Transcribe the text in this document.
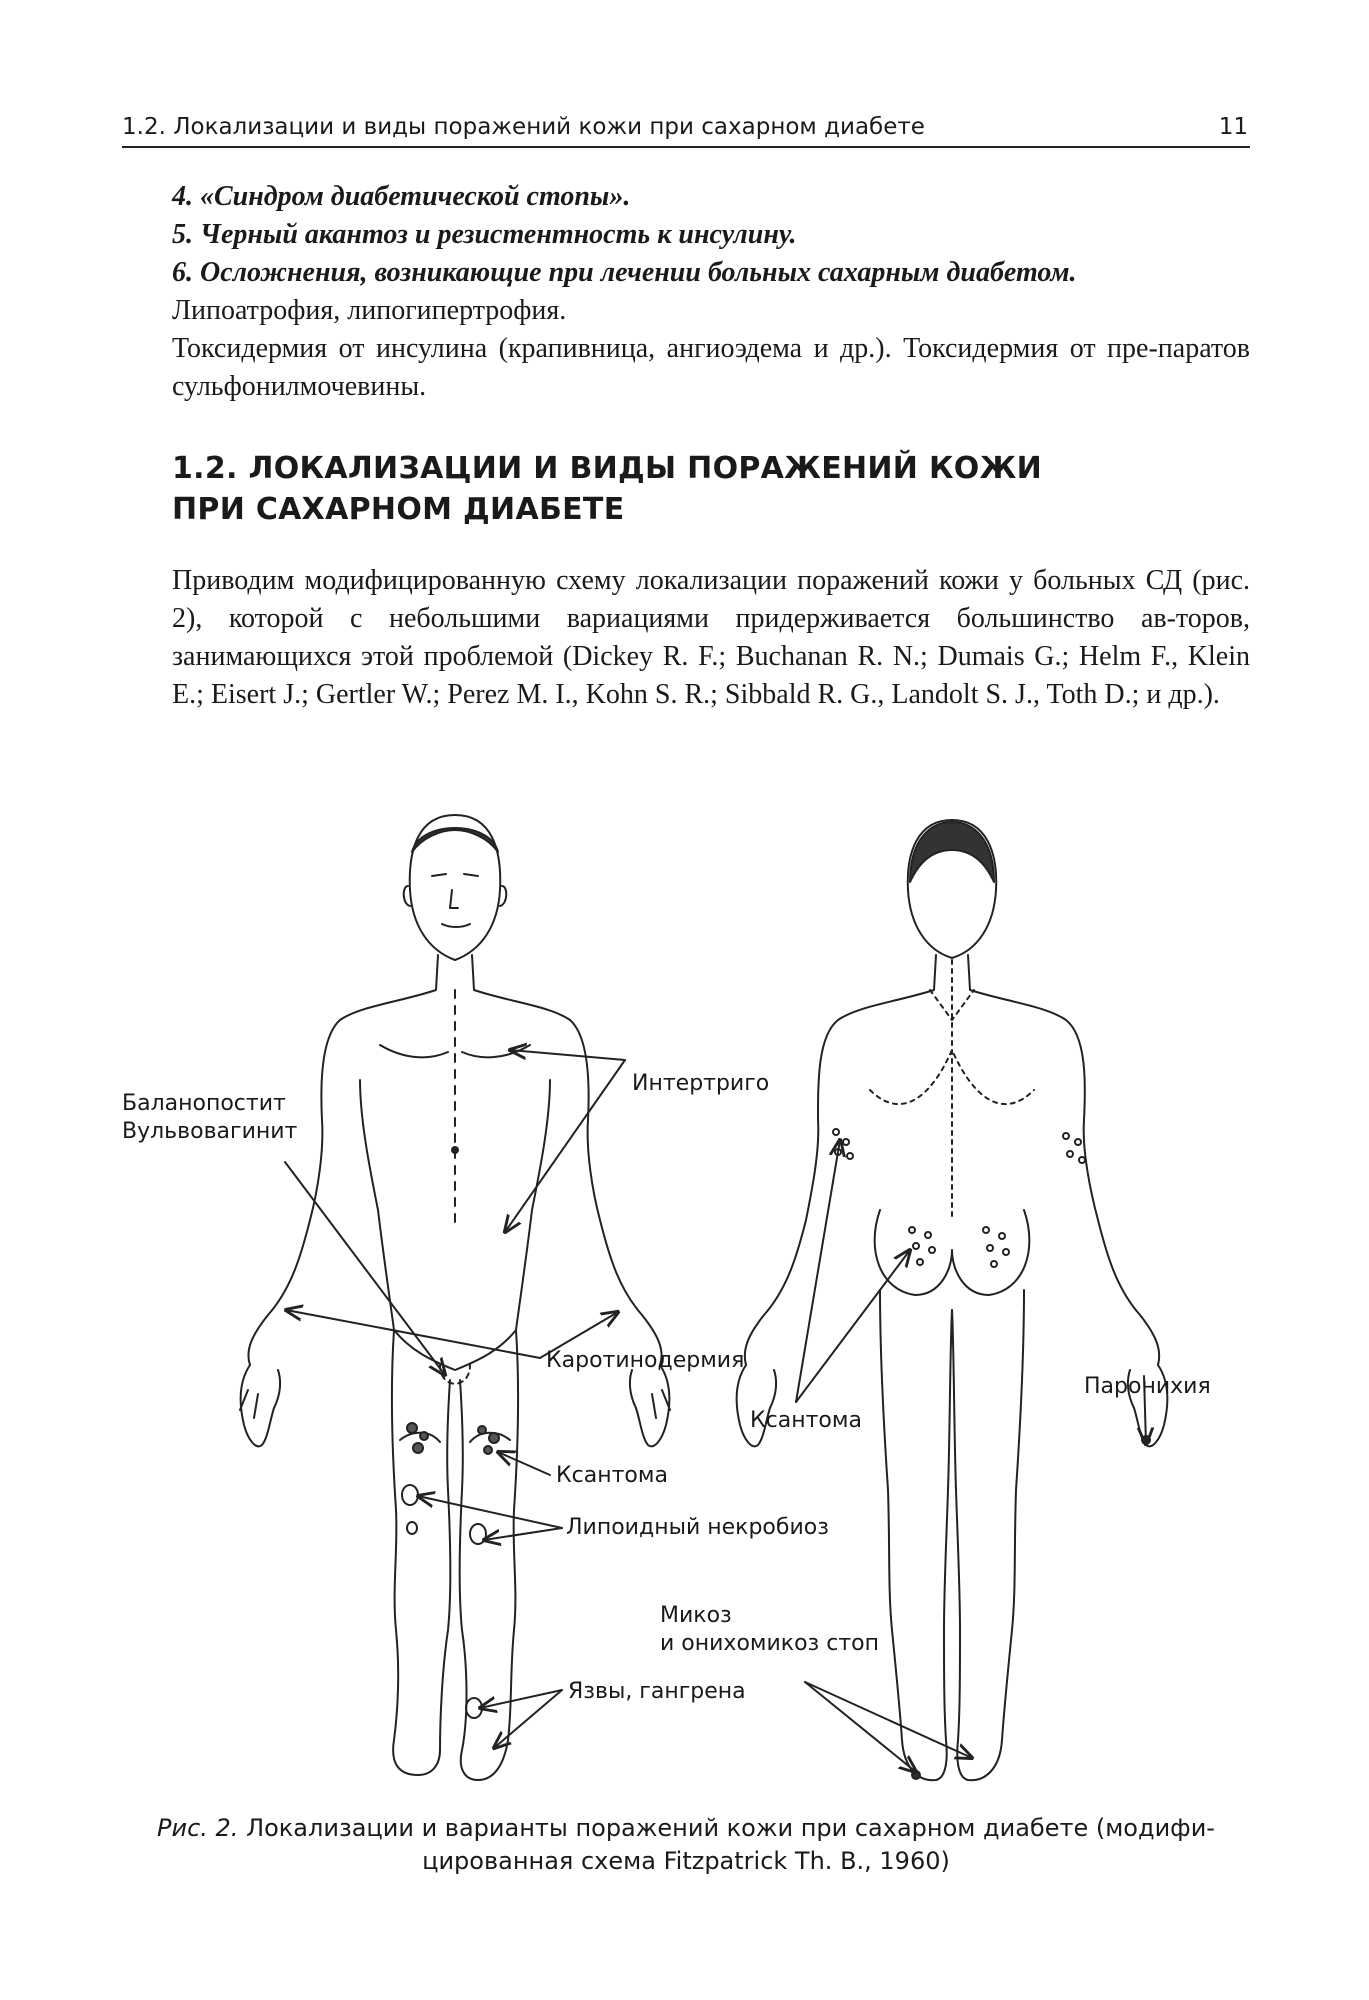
1.2. Локализации и виды поражений кожи при сахарном диабете	11

4. «Синдром диабетической стопы».

5. Черный акантоз и резистентность к инсулину.

6. Осложнения, возникающие при лечении больных сахарным диабетом.

Липоатрофия, липогипертрофия.

Токсидермия от инсулина (крапивница, ангиоэдема и др.). Токсидермия от пре-паратов сульфонилмочевины.

1.2. ЛОКАЛИЗАЦИИ И ВИДЫ ПОРАЖЕНИЙ КОЖИ
ПРИ САХАРНОМ ДИАБЕТЕ
Приводим модифицированную схему локализации поражений кожи у больных СД (рис. 2), которой с небольшими вариациями придерживается большинство ав-торов, занимающихся этой проблемой (Dickey R. F.; Buchanan R. N.; Dumais G.; Helm F., Klein E.; Eisert J.; Gertler W.; Perez M. I., Kohn S. R.; Sibbald R. G., Landolt S. J., Toth D.; и др.).
Баланопостит
Вульвовагинит
Интертриго
Каротинодермия
Ксантома
Липоидный некробиоз
Язвы, гангрена
Ксантома
Паронихия
Микоз
и онихомикоз стоп
Рис. 2. Локализации и варианты поражений кожи при сахарном диабете (модифи-цированная схема Fitzpatrick Th. B., 1960)
